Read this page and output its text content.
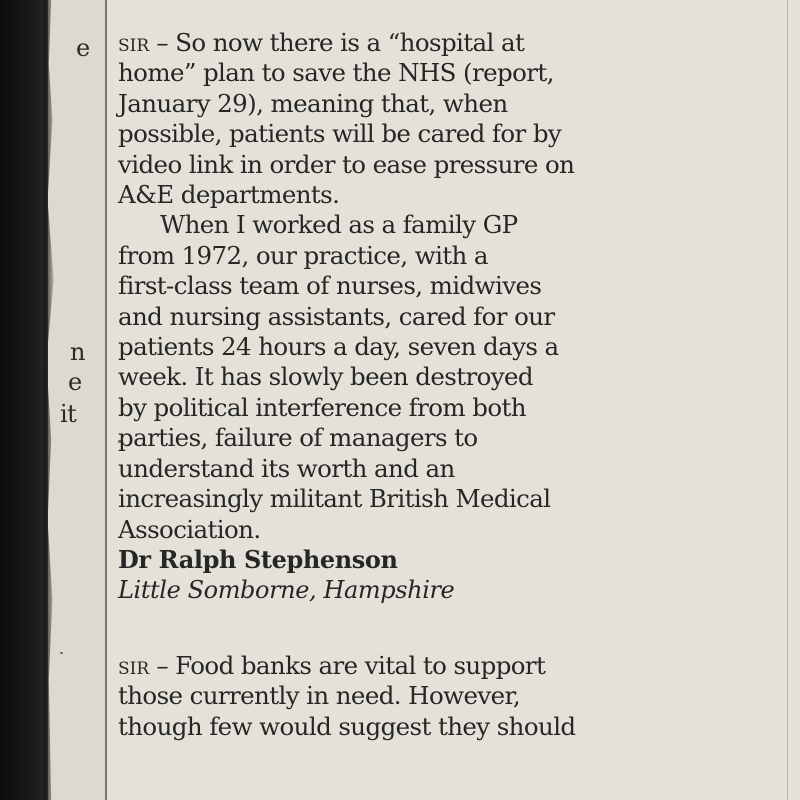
e
n
e
it
sir – So now there is a “hospital at
home” plan to save the NHS (report,
January 29), meaning that, when
possible, patients will be cared for by
video link in order to ease pressure on
A&E departments.
When I worked as a family GP
from 1972, our practice, with a
first-class team of nurses, midwives
and nursing assistants, cared for our
patients 24 hours a day, seven days a
week. It has slowly been destroyed
by political interference from both
parties, failure of managers to
understand its worth and an
increasingly militant British Medical
Association.
Dr Ralph Stephenson
Little Somborne, Hampshire
sir – Food banks are vital to support
those currently in need. However,
though few would suggest they should
